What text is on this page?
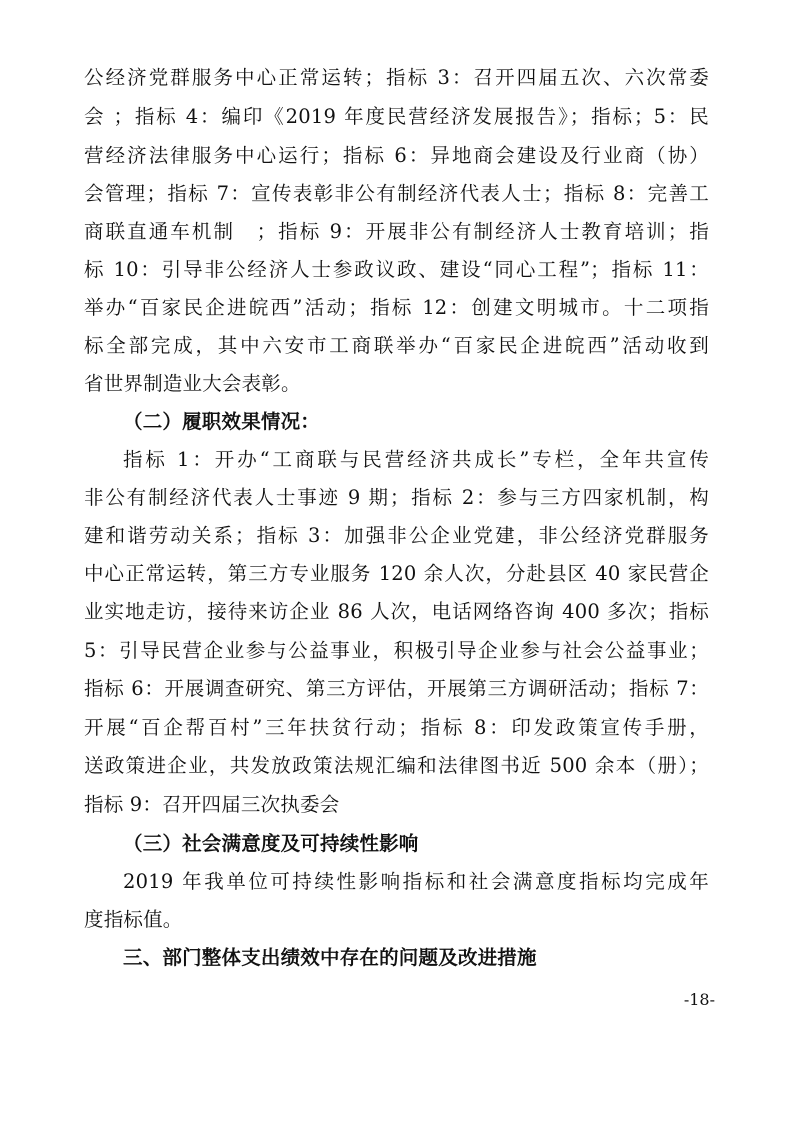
公经济党群服务中心正常运转；指标 3：召开四届五次、六次常委
会 ；指标 4：编印《2019 年度民营经济发展报告》；指标；5：民
营经济法律服务中心运行；指标 6：异地商会建设及行业商（协）
会管理；指标 7：宣传表彰非公有制经济代表人士；指标 8：完善工
商联直通车机制　；指标 9：开展非公有制经济人士教育培训；指
标 10：引导非公经济人士参政议政、建设“同心工程”；指标 11：
举办“百家民企进皖西”活动；指标 12：创建文明城市。十二项指
标全部完成，其中六安市工商联举办“百家民企进皖西”活动收到
省世界制造业大会表彰。
（二）履职效果情况：
指标 1：开办“工商联与民营经济共成长”专栏，全年共宣传
非公有制经济代表人士事迹 9 期；指标 2：参与三方四家机制，构
建和谐劳动关系；指标 3：加强非公企业党建，非公经济党群服务
中心正常运转，第三方专业服务 120 余人次，分赴县区 40 家民营企
业实地走访，接待来访企业 86 人次，电话网络咨询 400 多次；指标
5：引导民营企业参与公益事业，积极引导企业参与社会公益事业；
指标 6：开展调查研究、第三方评估，开展第三方调研活动；指标 7：
开展“百企帮百村”三年扶贫行动；指标 8：印发政策宣传手册，
送政策进企业，共发放政策法规汇编和法律图书近 500 余本（册）；
指标 9：召开四届三次执委会
（三）社会满意度及可持续性影响
2019 年我单位可持续性影响指标和社会满意度指标均完成年
度指标值。
三、部门整体支出绩效中存在的问题及改进措施
-18-
